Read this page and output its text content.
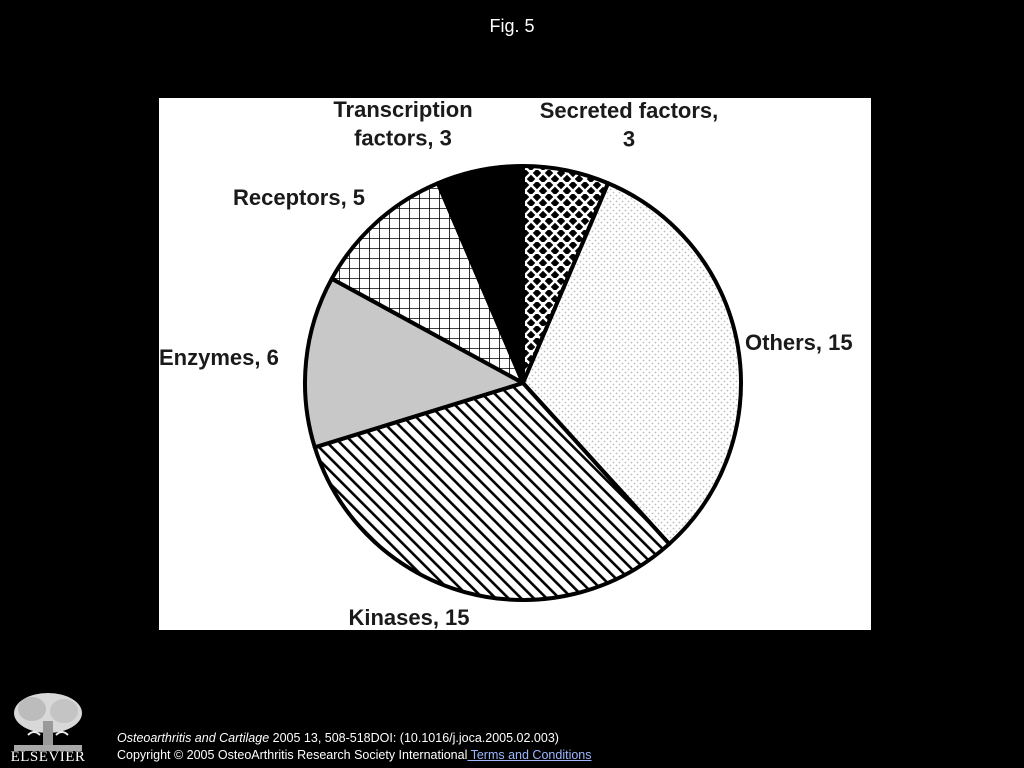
Fig. 5
Secreted factors, 3
Others, 15
Kinases, 15
Enzymes, 6
Receptors, 5
Transcription factors, 3
ELSEVIER
Osteoarthritis and Cartilage 2005 13, 508-518DOI: (10.1016/j.joca.2005.02.003)
Copyright © 2005 OsteoArthritis Research Society International Terms and Conditions
